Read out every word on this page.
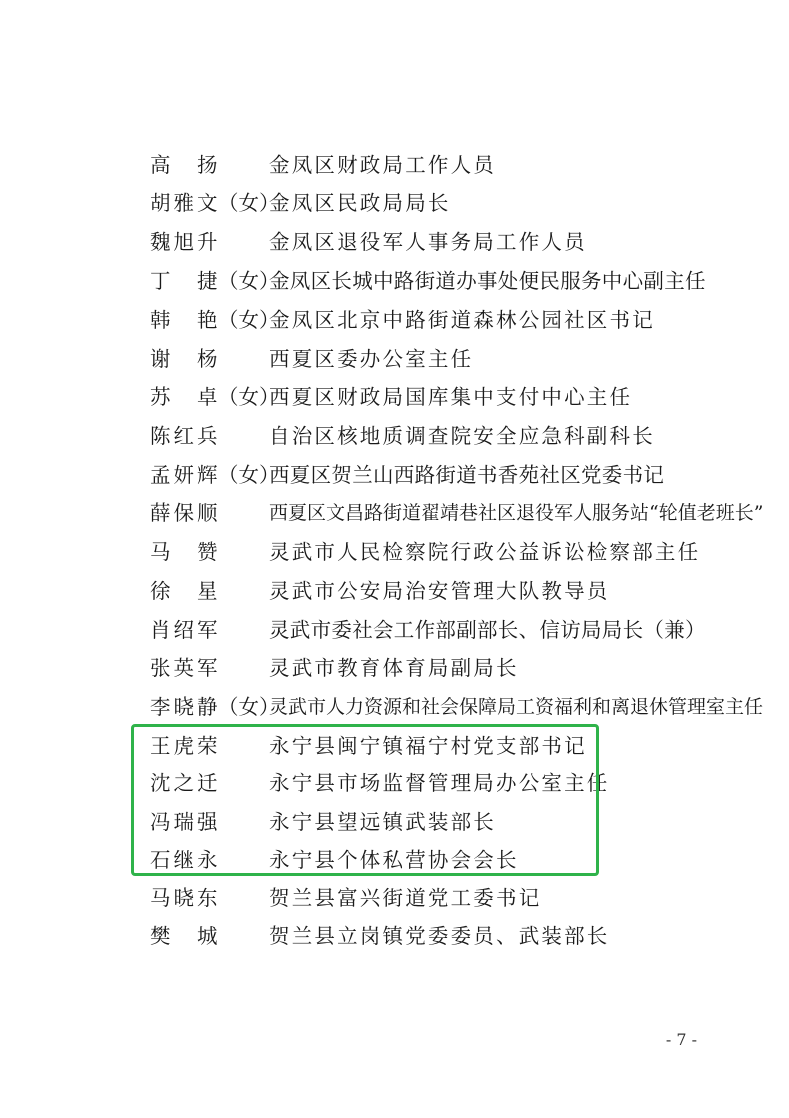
高　扬 金凤区财政局工作人员
胡雅文
（女）
金凤区民政局局长
魏旭升 金凤区退役军人事务局工作人员
丁　捷
（女）
金凤区长城中路街道办事处便民服务中心副主任
韩　艳
（女）
金凤区北京中路街道森林公园社区书记
谢　杨 西夏区委办公室主任
苏　卓
（女）
西夏区财政局国库集中支付中心主任
陈红兵 自治区核地质调查院安全应急科副科长
孟妍辉
（女）
西夏区贺兰山西路街道书香苑社区党委书记
薛保顺	西夏区文昌路街道翟靖巷社区退役军人服务站“轮值老班长”
马　赞 灵武市人民检察院行政公益诉讼检察部主任
徐　星 灵武市公安局治安管理大队教导员
肖绍军 灵武市委社会工作部副部长、信访局局长（兼）
张英军 灵武市教育体育局副局长
李晓静
（女）
灵武市人力资源和社会保障局工资福利和离退休管理室主任
王虎荣 永宁县闽宁镇福宁村党支部书记
沈之迁 永宁县市场监督管理局办公室主任
冯瑞强 永宁县望远镇武装部长
石继永 永宁县个体私营协会会长
马晓东 贺兰县富兴街道党工委书记
樊　城 贺兰县立岗镇党委委员、武装部长
- 7 -
